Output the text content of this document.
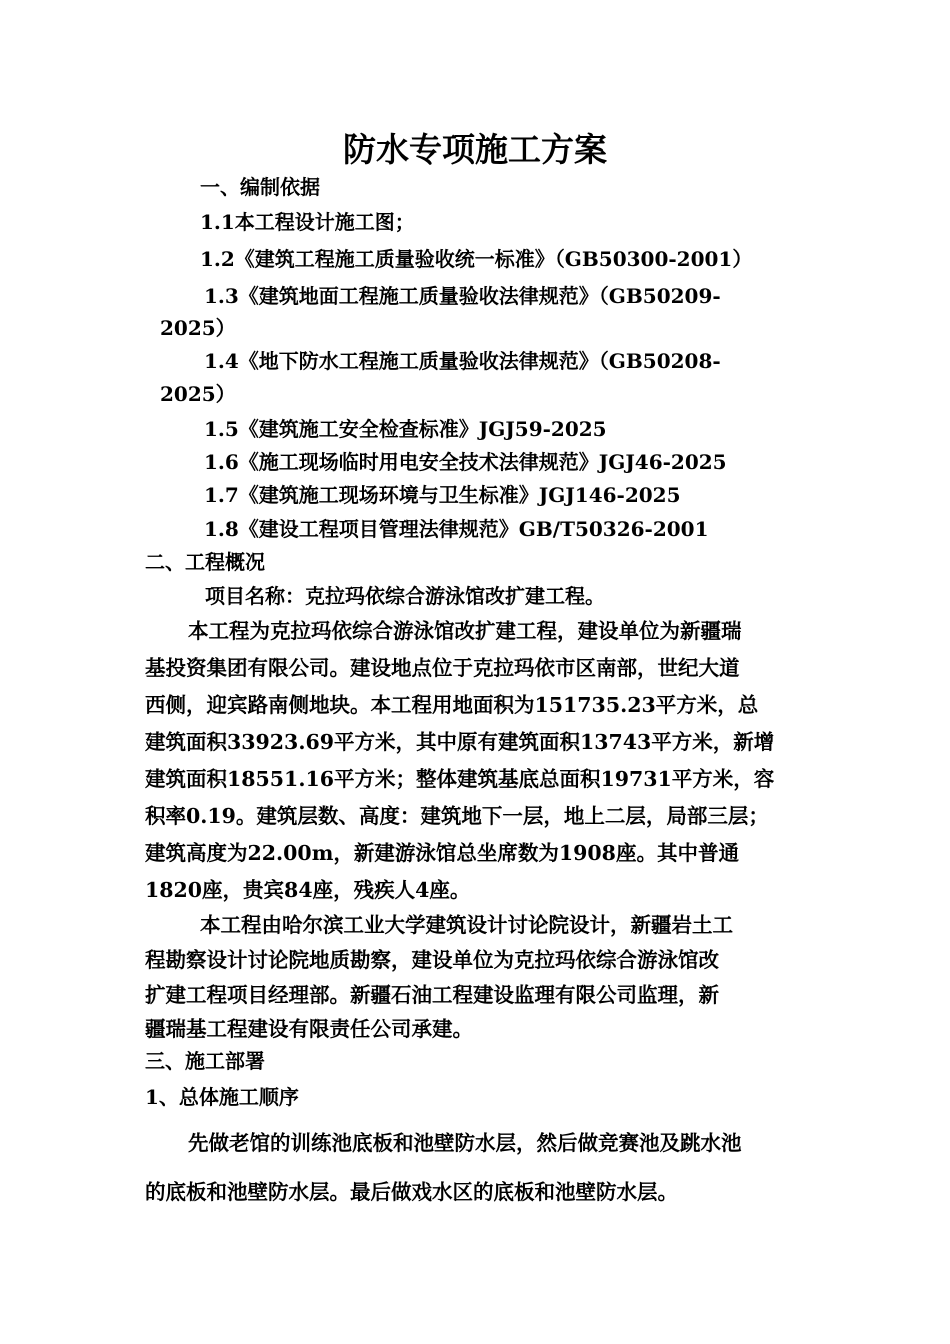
防水专项施工方案
一、编制依据
1.1本工程设计施工图；
1.2《建筑工程施工质量验收统一标准》（GB50300-2001）
1.3《建筑地面工程施工质量验收法律规范》（GB50209-
2025）
1.4《地下防水工程施工质量验收法律规范》（GB50208-
2025）
1.5《建筑施工安全检查标准》JGJ59-2025
1.6《施工现场临时用电安全技术法律规范》JGJ46-2025
1.7《建筑施工现场环境与卫生标准》JGJ146-2025
1.8《建设工程项目管理法律规范》GB/T50326-2001
二、工程概况
项目名称：克拉玛依综合游泳馆改扩建工程。
本工程为克拉玛依综合游泳馆改扩建工程，建设单位为新疆瑞
基投资集团有限公司。建设地点位于克拉玛依市区南部，世纪大道
西侧，迎宾路南侧地块。本工程用地面积为151735.23平方米，总
建筑面积33923.69平方米，其中原有建筑面积13743平方米，新增
建筑面积18551.16平方米；整体建筑基底总面积19731平方米，容
积率0.19。建筑层数、高度：建筑地下一层，地上二层，局部三层；
建筑高度为22.00m，新建游泳馆总坐席数为1908座。其中普通
1820座，贵宾84座，残疾人4座。
本工程由哈尔滨工业大学建筑设计讨论院设计，新疆岩土工
程勘察设计讨论院地质勘察，建设单位为克拉玛依综合游泳馆改
扩建工程项目经理部。新疆石油工程建设监理有限公司监理，新
疆瑞基工程建设有限责任公司承建。
三、施工部署
1、总体施工顺序
先做老馆的训练池底板和池壁防水层，然后做竞赛池及跳水池
的底板和池壁防水层。最后做戏水区的底板和池壁防水层。
